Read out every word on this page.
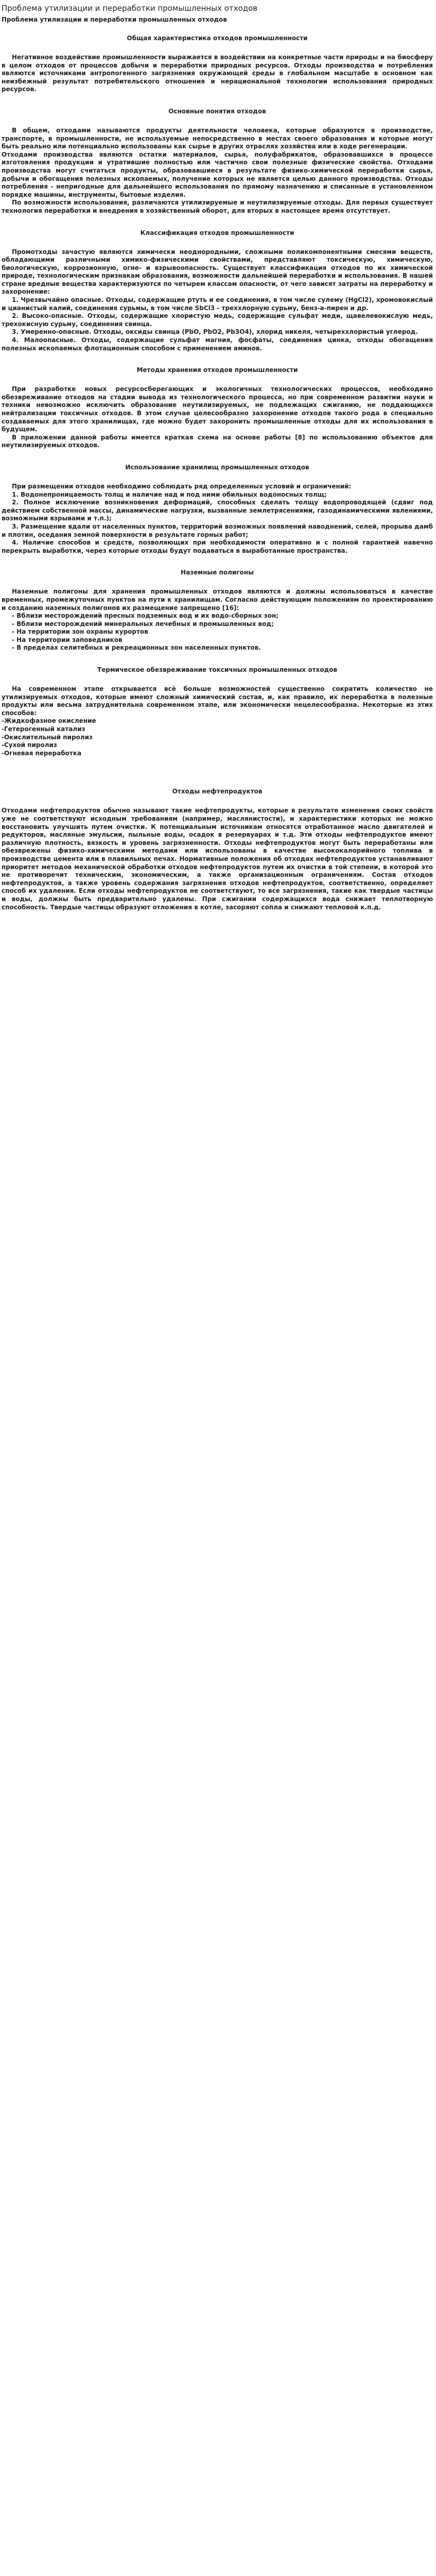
Проблема утилизации и переработки промышленных отходов
Проблема утилизации и переработки промышленных отходов
Общая характеристика отходов промышленности

Негативное воздействие промышленности выражается в воздействии на конкретные части природы и на биосферу в целом отходов от процессов добычи и переработки природных ресурсов. Отходы производства и потребления являются источниками антропогенного загрязнения окружающей среды в глобальном масштабе в основном как неизбежный результат потребительского отношения и нерациональной технологии использования природных ресурсов.

Основные понятия отходов

В общем, отходами называются продукты деятельности человека, которые образуются в производстве, транспорте, в промышленности, не используемые непосредственно в местах своего образования и которые могут быть реально или потенциально использованы как сырье в других отраслях хозяйства или в ходе регенерации.

Отходами производства являются остатки материалов, сырья, полуфабрикатов, образовавшихся в процессе изготовления продукции и утратившие полностью или частично свои полезные физические свойства. Отходами производства могут считаться продукты, образовавшиеся в результате физико-химической переработки сырья, добычи и обогащения полезных ископаемых, получение которых не является целью данного производства. Отходы потребления - непригодные для дальнейшего использования по прямому назначению и списанные в установленном порядке машины, инструменты, бытовые изделия.

По возможности использования, различаются утилизируемые и неутилизируемые отходы. Для первых существует технология переработки и внедрения в хозяйственный оборот, для вторых в настоящее время отсутствует.

Классификация отходов промышленности

Промотходы зачастую являются химически неоднородными, сложными поликомпонентными смесями веществ, обладающими различными химико-физическими свойствами, представляют токсическую, химическую, биологическую, коррозионную, огне- и взрывоопасность. Существует классификация отходов по их химической природе, технологическим признакам образования, возможности дальнейшей переработки и использования. В нашей стране вредные вещества характеризуются по четырем классам опасности, от чего зависят затраты на переработку и захоронение:

1. Чрезвычайно опасные. Отходы, содержащие ртуть и ее соединения, в том числе сулему (HgCl2), хромовокислый и цианистый калий, соединения сурьмы, в том числе SbCl3 - треххлорную сурьму, бенз-а-пирен и др.

2. Высоко-опасные. Отходы, содержащие хлористую медь, содержащие сульфат меди, щавелевокислую медь, трехокисную сурьму, соединения свинца.

3. Умеренно-опасные. Отходы, оксиды свинца (PbO, PbO2, Pb3O4), хлорид никеля, четыреххлористый углерод.

4. Малоопасные. Отходы, содержащие сульфат магния, фосфаты, соединения цинка, отходы обогащения полезных ископаемых флотационным способом с применением аминов.

Методы хранения отходов промышленности

При разработке новых ресурсосберегающих и экологичных технологических процессов, необходимо обезвреживание отходов на стадии вывода из технологического процесса, но при современном развитии науки и техники невозможно исключить образование неутилизируемых, не подлежащих сжиганию, не поддающихся нейтрализации токсичных отходов. В этом случае целесообразно захоронение отходов такого рода в специально создаваемых для этого хранилищах, где можно будет захоронить промышленные отходы для их использования в будущем.

В приложении данной работы имеется краткая схема на основе работы [8] по использованию объектов для неутилизируемых отходов.

Использование хранилищ промышленных отходов

При размещении отходов необходимо соблюдать ряд определенных условий и ограничений:

1. Водонепроницаемость толщ и наличие над и под ними обильных водоносных толщ;

2. Полное исключение возникновения деформаций, способных сделать толщу водопроводящей (сдвиг под действием собственной массы, динамические нагрузки, вызванные землетрясениями, газодинамическими явлениями, возможными взрывами и т.п.);

3. Размещение вдали от населенных пунктов, территорий возможных появлений наводнений, селей, прорыва дамб и плотин, оседания земной поверхности в результате горных работ;

4. Наличие способов и средств, позволяющих при необходимости оперативно и с полной гарантией навечно перекрыть выработки, через которые отходы будут подаваться в выработанные пространства.

Наземные полигоны

Наземные полигоны для хранения промышленных отходов являются и должны использоваться в качестве временных, промежуточных пунктов на пути к хранилищам. Согласно действующим положениям по проектированию и созданию наземных полигонов их размещение запрещено [16]:

- Вблизи месторождений пресных подземных вод и их водо-сборных зон;

- Вблизи месторождений минеральных лечебных и промышленных вод;

- На территории зон охраны курортов

- На территории заповедников

- В пределах селитебных и рекреационных зон населенных пунктов.

Термическое обезвреживание токсичных промышленных отходов

На современном этапе открывается всё больше возможностей существенно сократить количество не утилизируемых отходов, которые имеют сложный химический состав, и, как правило, их переработка в полезные продукты или весьма затруднительна современном этапе, или экономически нецелесообразна. Некоторые из этих способов:

-Жидкофазное окисление

-Гетерогенный катализ

-Окислительный пиролиз

-Сухой пиролиз

-Огневая переработка

Отходы нефтепродуктов

Отходами нефтепродуктов обычно называют такие нефтепродукты, которые в результате изменения своих свойств уже не соответствуют исходным требованиям (например, маслянистости), и характеристики которых не можно восстановить улучшить путем очистки. К потенциальным источникам относятся отработанное масло двигателей и редукторов, масляные эмульсии, пыльные воды, осадок в резервуарах и т.д. Эти отходы нефтепродуктов имеют различную плотность, вязкость и уровень загрязненности. Отходы нефтепродуктов могут быть переработаны или обезврежены физико-химическими методами или использованы в качестве высококалорийного топлива в производстве цемента или в плавильных печах. Нормативные положения об отходах нефтепродуктов устанавливают приоритет методов механической обработки отходов нефтепродуктов путем их очистки в той степени, в которой это не противоречит техническим, экономическим, а также организационным ограничениям. Состав отходов нефтепродуктов, а также уровень содержания загрязнения отходов нефтепродуктов, соответственно, определяет способ их удаления. Если отходы нефтепродуктов не соответствуют, то все загрязнения, такие как твердые частицы и воды, должны быть предварительно удалены. При сжигании содержащихся вода снижает теплотворную способность. Твердые частицы образуют отложения в котле, засоряют сопла и снижают тепловой к.п.д.
